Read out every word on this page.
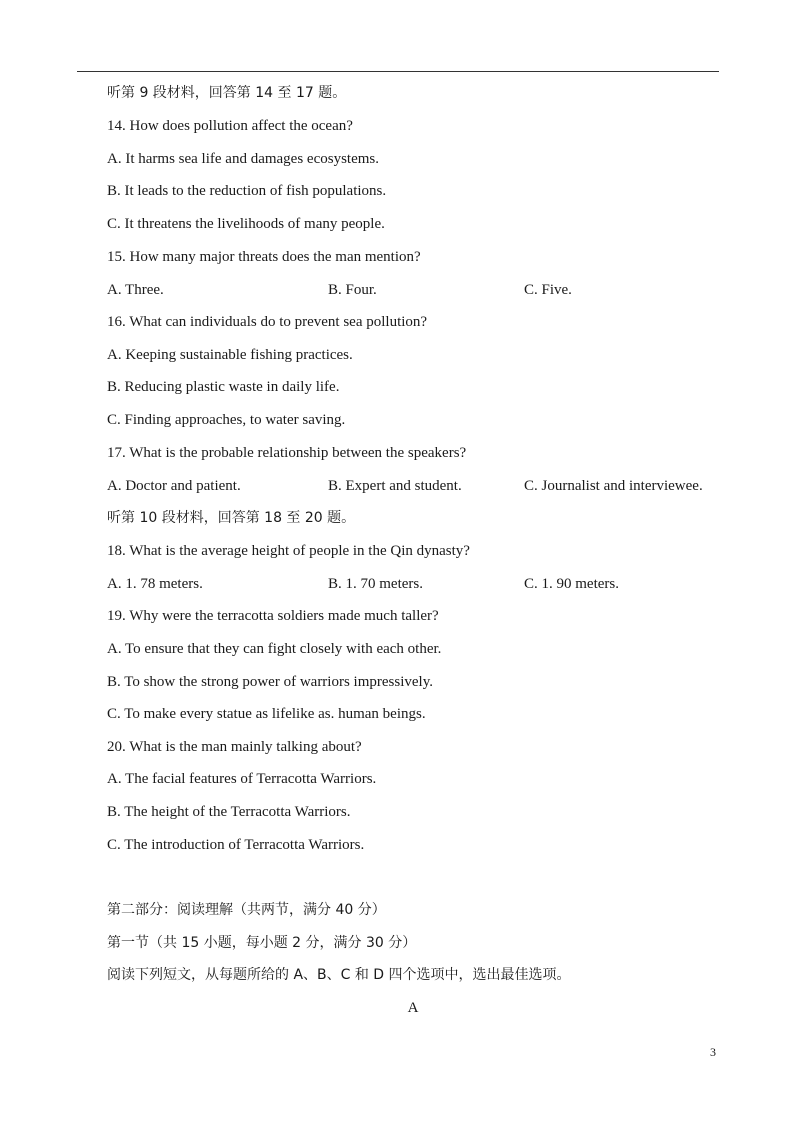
听第 9 段材料，回答第 14 至 17 题。
14. How does pollution affect the ocean?
A. It harms sea life and damages ecosystems.
B. It leads to the reduction of fish populations.
C. It threatens the livelihoods of many people.
15. How many major threats does the man mention?
A. Three.	B. Four.	C. Five.
16. What can individuals do to prevent sea pollution?
A. Keeping sustainable fishing practices.
B. Reducing plastic waste in daily life.
C. Finding approaches, to water saving.
17. What is the probable relationship between the speakers?
A. Doctor and patient.	B. Expert and student.	C. Journalist and interviewee.
听第 10 段材料，回答第 18 至 20 题。
18. What is the average height of people in the Qin dynasty?
A. 1. 78 meters.	B. 1. 70 meters.	C. 1. 90 meters.
19. Why were the terracotta soldiers made much taller?
A. To ensure that they can fight closely with each other.
B. To show the strong power of warriors impressively.
C. To make every statue as lifelike as. human beings.
20. What is the man mainly talking about?
A. The facial features of Terracotta Warriors.
B. The height of the Terracotta Warriors.
C. The introduction of Terracotta Warriors.
第二部分：阅读理解（共两节，满分 40 分）
第一节（共 15 小题，每小题 2 分，满分 30 分）
阅读下列短文，从每题所给的 A、B、C 和 D 四个选项中，选出最佳选项。
A
3
